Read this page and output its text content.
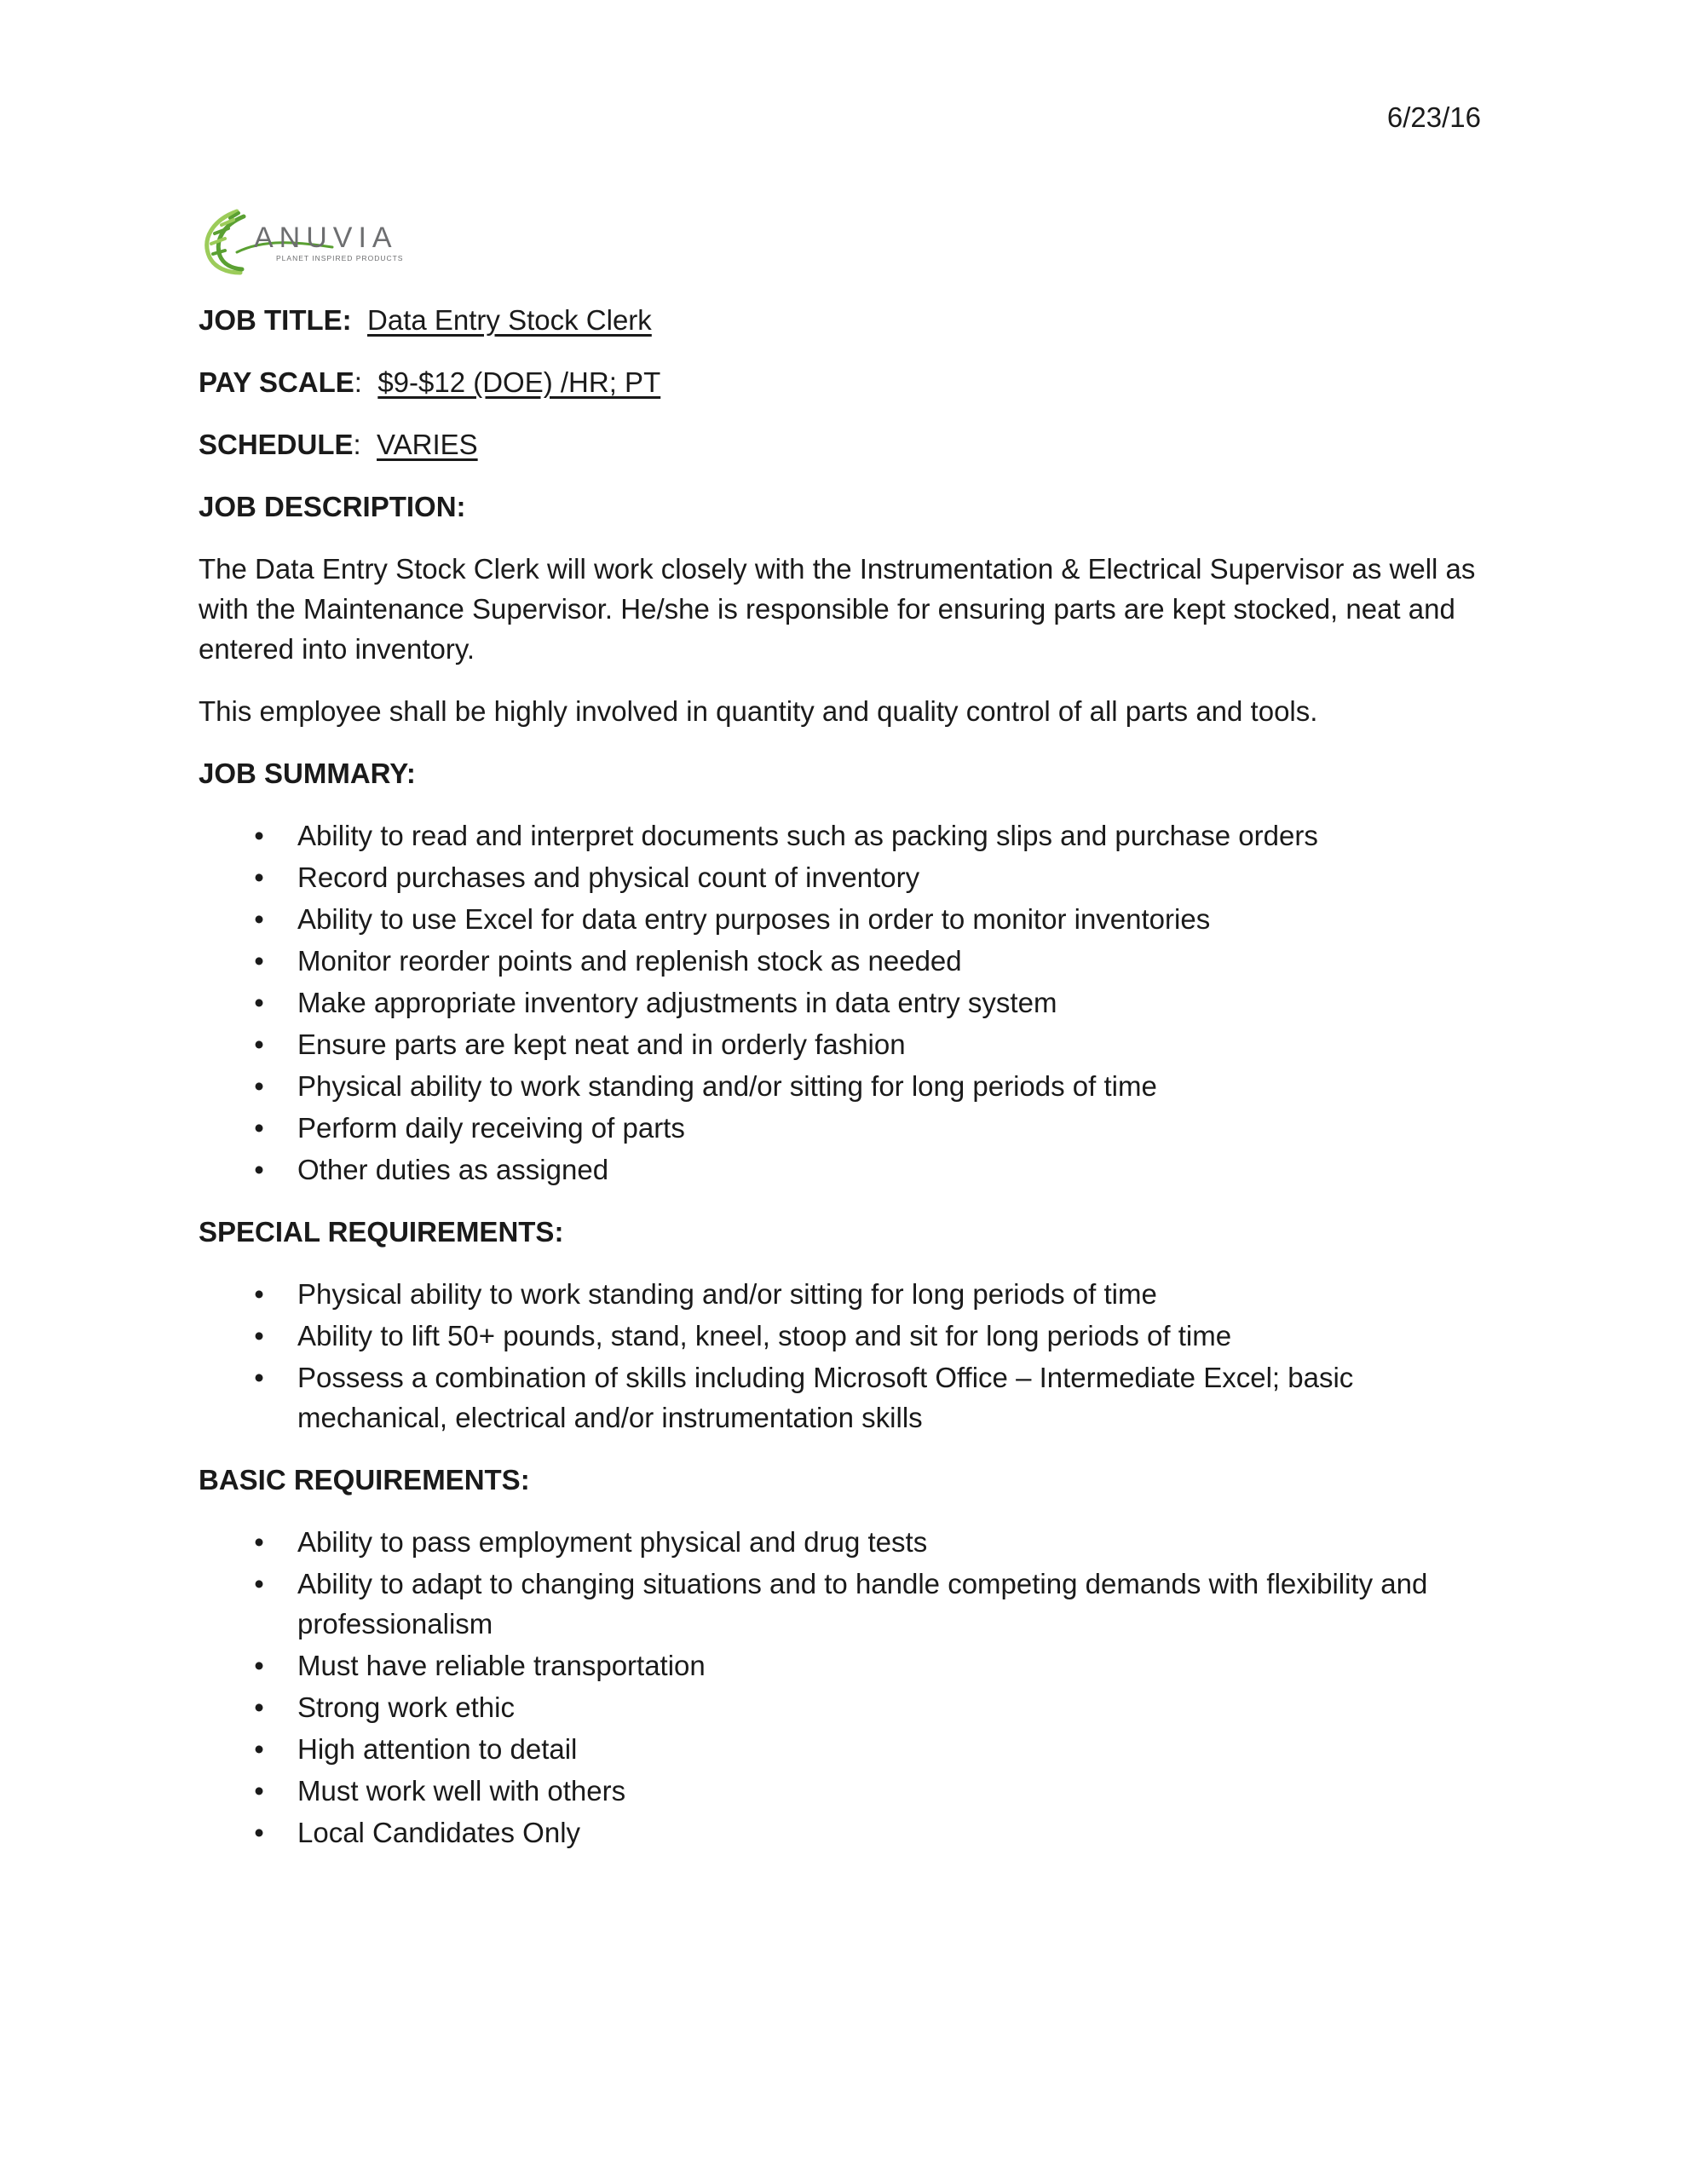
6/23/16
ANUVIA
PLANET INSPIRED PRODUCTS
JOB TITLE: Data Entry Stock Clerk
PAY SCALE:  $9-$12 (DOE) /HR; PT
SCHEDULE:  VARIES
JOB DESCRIPTION:
The Data Entry Stock Clerk will work closely with the Instrumentation & Electrical Supervisor as well as with the Maintenance Supervisor. He/she is responsible for ensuring parts are kept stocked, neat and entered into inventory.
This employee shall be highly involved in quantity and quality control of all parts and tools.
JOB SUMMARY:
• Ability to read and interpret documents such as packing slips and purchase orders
• Record purchases and physical count of inventory
• Ability to use Excel for data entry purposes in order to monitor inventories
• Monitor reorder points and replenish stock as needed
• Make appropriate inventory adjustments in data entry system
• Ensure parts are kept neat and in orderly fashion
• Physical ability to work standing and/or sitting for long periods of time
• Perform daily receiving of parts
• Other duties as assigned
SPECIAL REQUIREMENTS:
• Physical ability to work standing and/or sitting for long periods of time
• Ability to lift 50+ pounds, stand, kneel, stoop and sit for long periods of time
• Possess a combination of skills including Microsoft Office – Intermediate Excel; basic mechanical, electrical and/or instrumentation skills
BASIC REQUIREMENTS:
• Ability to pass employment physical and drug tests
• Ability to adapt to changing situations and to handle competing demands with flexibility and professionalism
• Must have reliable transportation
• Strong work ethic
• High attention to detail
• Must work well with others
• Local Candidates Only
